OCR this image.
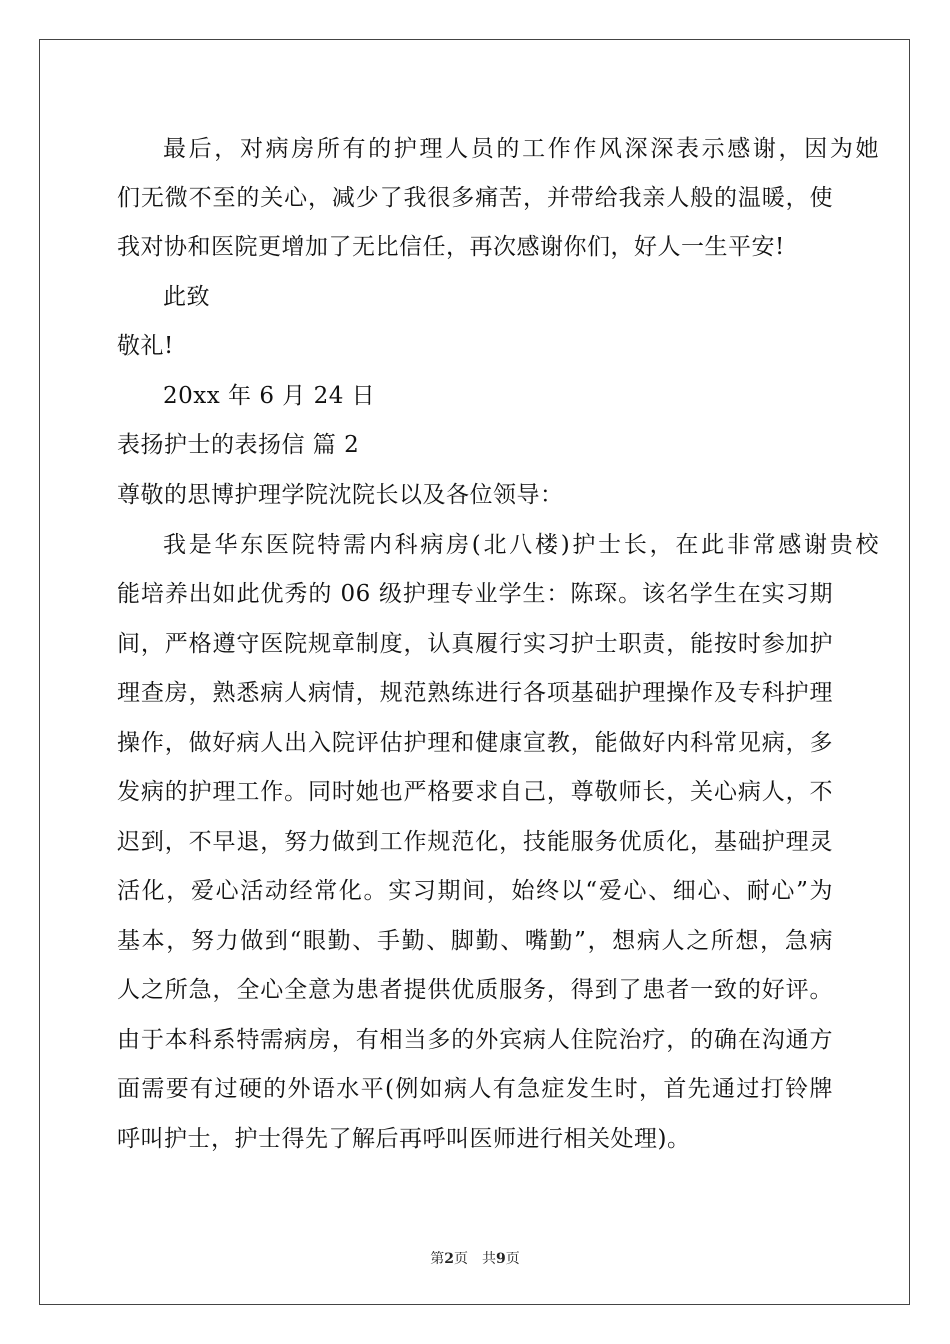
最后，对病房所有的护理人员的工作作风深深表示感谢，因为她
们无微不至的关心，减少了我很多痛苦，并带给我亲人般的温暖，使
我对协和医院更增加了无比信任，再次感谢你们，好人一生平安!
此致
敬礼!
20xx 年 6 月 24 日
表扬护士的表扬信 篇 2
尊敬的思博护理学院沈院长以及各位领导：
我是华东医院特需内科病房(北八楼)护士长，在此非常感谢贵校
能培养出如此优秀的 06 级护理专业学生：陈琛。该名学生在实习期
间，严格遵守医院规章制度，认真履行实习护士职责，能按时参加护
理查房，熟悉病人病情，规范熟练进行各项基础护理操作及专科护理
操作，做好病人出入院评估护理和健康宣教，能做好内科常见病，多
发病的护理工作。同时她也严格要求自己，尊敬师长，关心病人，不
迟到，不早退，努力做到工作规范化，技能服务优质化，基础护理灵
活化，爱心活动经常化。实习期间，始终以“爱心、细心、耐心”为
基本，努力做到“眼勤、手勤、脚勤、嘴勤”，想病人之所想，急病
人之所急，全心全意为患者提供优质服务，得到了患者一致的好评。
由于本科系特需病房，有相当多的外宾病人住院治疗，的确在沟通方
面需要有过硬的外语水平(例如病人有急症发生时，首先通过打铃牌
呼叫护士，护士得先了解后再呼叫医师进行相关处理)。
第2页 共9页
